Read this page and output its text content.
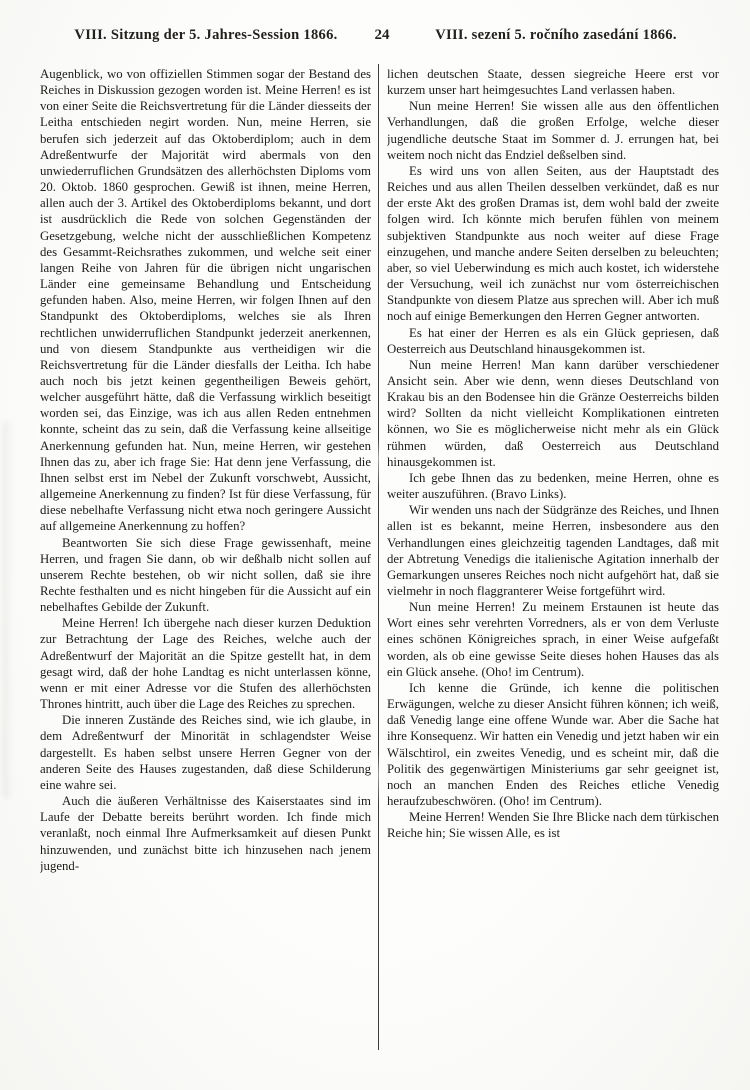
VIII. Sitzung der 5. Jahres-Session 1866.	24	VIII. sezení 5. ročního zasedání 1866.

Augenblick, wo von offiziellen Stimmen sogar der Bestand des Reiches in Diskussion gezogen worden ist. Meine Herren! es ist von einer Seite die Reichsvertretung für die Länder diesseits der Leitha entschieden negirt worden. Nun, meine Herren, sie berufen sich jederzeit auf das Oktoberdiplom; auch in dem Adreßentwurfe der Majorität wird abermals von den unwiederruflichen Grundsätzen des allerhöchsten Diploms vom 20. Oktob. 1860 gesprochen. Gewiß ist ihnen, meine Herren, allen auch der 3. Artikel des Oktoberdiploms bekannt, und dort ist ausdrücklich die Rede von solchen Gegenständen der Gesetzgebung, welche nicht der ausschließlichen Kompetenz des Gesammt-Reichsrathes zukommen, und welche seit einer langen Reihe von Jahren für die übrigen nicht ungarischen Länder eine gemeinsame Behandlung und Entscheidung gefunden haben. Also, meine Herren, wir folgen Ihnen auf den Standpunkt des Oktoberdiploms, welches sie als Ihren rechtlichen unwiderruflichen Standpunkt jederzeit anerkennen, und von diesem Standpunkte aus vertheidigen wir die Reichsvertretung für die Länder diesfalls der Leitha. Ich habe auch noch bis jetzt keinen gegentheiligen Beweis gehört, welcher ausgeführt hätte, daß die Verfassung wirklich beseitigt worden sei, das Einzige, was ich aus allen Reden entnehmen konnte, scheint das zu sein, daß die Verfassung keine allseitige Anerkennung gefunden hat. Nun, meine Herren, wir gestehen Ihnen das zu, aber ich frage Sie: Hat denn jene Verfassung, die Ihnen selbst erst im Nebel der Zukunft vorschwebt, Aussicht, allgemeine Anerkennung zu finden? Ist für diese Verfassung, für diese nebelhafte Verfassung nicht etwa noch geringere Aussicht auf allgemeine Anerkennung zu hoffen?

Beantworten Sie sich diese Frage gewissenhaft, meine Herren, und fragen Sie dann, ob wir deßhalb nicht sollen auf unserem Rechte bestehen, ob wir nicht sollen, daß sie ihre Rechte festhalten und es nicht hingeben für die Aussicht auf ein nebelhaftes Gebilde der Zukunft.

Meine Herren! Ich übergehe nach dieser kurzen Deduktion zur Betrachtung der Lage des Reiches, welche auch der Adreßentwurf der Majorität an die Spitze gestellt hat, in dem gesagt wird, daß der hohe Landtag es nicht unterlassen könne, wenn er mit einer Adresse vor die Stufen des allerhöchsten Thrones hintritt, auch über die Lage des Reiches zu sprechen.

Die inneren Zustände des Reiches sind, wie ich glaube, in dem Adreßentwurf der Minorität in schlagendster Weise dargestellt. Es haben selbst unsere Herren Gegner von der anderen Seite des Hauses zugestanden, daß diese Schilderung eine wahre sei.

Auch die äußeren Verhältnisse des Kaiserstaates sind im Laufe der Debatte bereits berührt worden. Ich finde mich veranlaßt, noch einmal Ihre Aufmerksamkeit auf diesen Punkt hinzuwenden, und zunächst bitte ich hinzusehen nach jenem jugend-

lichen deutschen Staate, dessen siegreiche Heere erst vor kurzem unser hart heimgesuchtes Land verlassen haben.

Nun meine Herren! Sie wissen alle aus den öffentlichen Verhandlungen, daß die großen Erfolge, welche dieser jugendliche deutsche Staat im Sommer d. J. errungen hat, bei weitem noch nicht das Endziel deßselben sind.

Es wird uns von allen Seiten, aus der Hauptstadt des Reiches und aus allen Theilen desselben verkündet, daß es nur der erste Akt des großen Dramas ist, dem wohl bald der zweite folgen wird. Ich könnte mich berufen fühlen von meinem subjektiven Standpunkte aus noch weiter auf diese Frage einzugehen, und manche andere Seiten derselben zu beleuchten; aber, so viel Ueberwindung es mich auch kostet, ich widerstehe der Versuchung, weil ich zunächst nur vom österreichischen Standpunkte von diesem Platze aus sprechen will. Aber ich muß noch auf einige Bemerkungen den Herren Gegner antworten.

Es hat einer der Herren es als ein Glück gepriesen, daß Oesterreich aus Deutschland hinausgekommen ist.

Nun meine Herren! Man kann darüber verschiedener Ansicht sein. Aber wie denn, wenn dieses Deutschland von Krakau bis an den Bodensee hin die Gränze Oesterreichs bilden wird? Sollten da nicht vielleicht Komplikationen eintreten können, wo Sie es möglicherweise nicht mehr als ein Glück rühmen würden, daß Oesterreich aus Deutschland hinausgekommen ist.

Ich gebe Ihnen das zu bedenken, meine Herren, ohne es weiter auszuführen. (Bravo Links).

Wir wenden uns nach der Südgränze des Reiches, und Ihnen allen ist es bekannt, meine Herren, insbesondere aus den Verhandlungen eines gleichzeitig tagenden Landtages, daß mit der Abtretung Venedigs die italienische Agitation innerhalb der Gemarkungen unseres Reiches noch nicht aufgehört hat, daß sie vielmehr in noch flaggranterer Weise fortgeführt wird.

Nun meine Herren! Zu meinem Erstaunen ist heute das Wort eines sehr verehrten Vorredners, als er von dem Verluste eines schönen Königreiches sprach, in einer Weise aufgefaßt worden, als ob eine gewisse Seite dieses hohen Hauses das als ein Glück ansehe. (Oho! im Centrum).

Ich kenne die Gründe, ich kenne die politischen Erwägungen, welche zu dieser Ansicht führen können; ich weiß, daß Venedig lange eine offene Wunde war. Aber die Sache hat ihre Konsequenz. Wir hatten ein Venedig und jetzt haben wir ein Wälschtirol, ein zweites Venedig, und es scheint mir, daß die Politik des gegenwärtigen Ministeriums gar sehr geeignet ist, noch an manchen Enden des Reiches etliche Venedig heraufzubeschwören. (Oho! im Centrum).

Meine Herren! Wenden Sie Ihre Blicke nach dem türkischen Reiche hin; Sie wissen Alle, es ist
